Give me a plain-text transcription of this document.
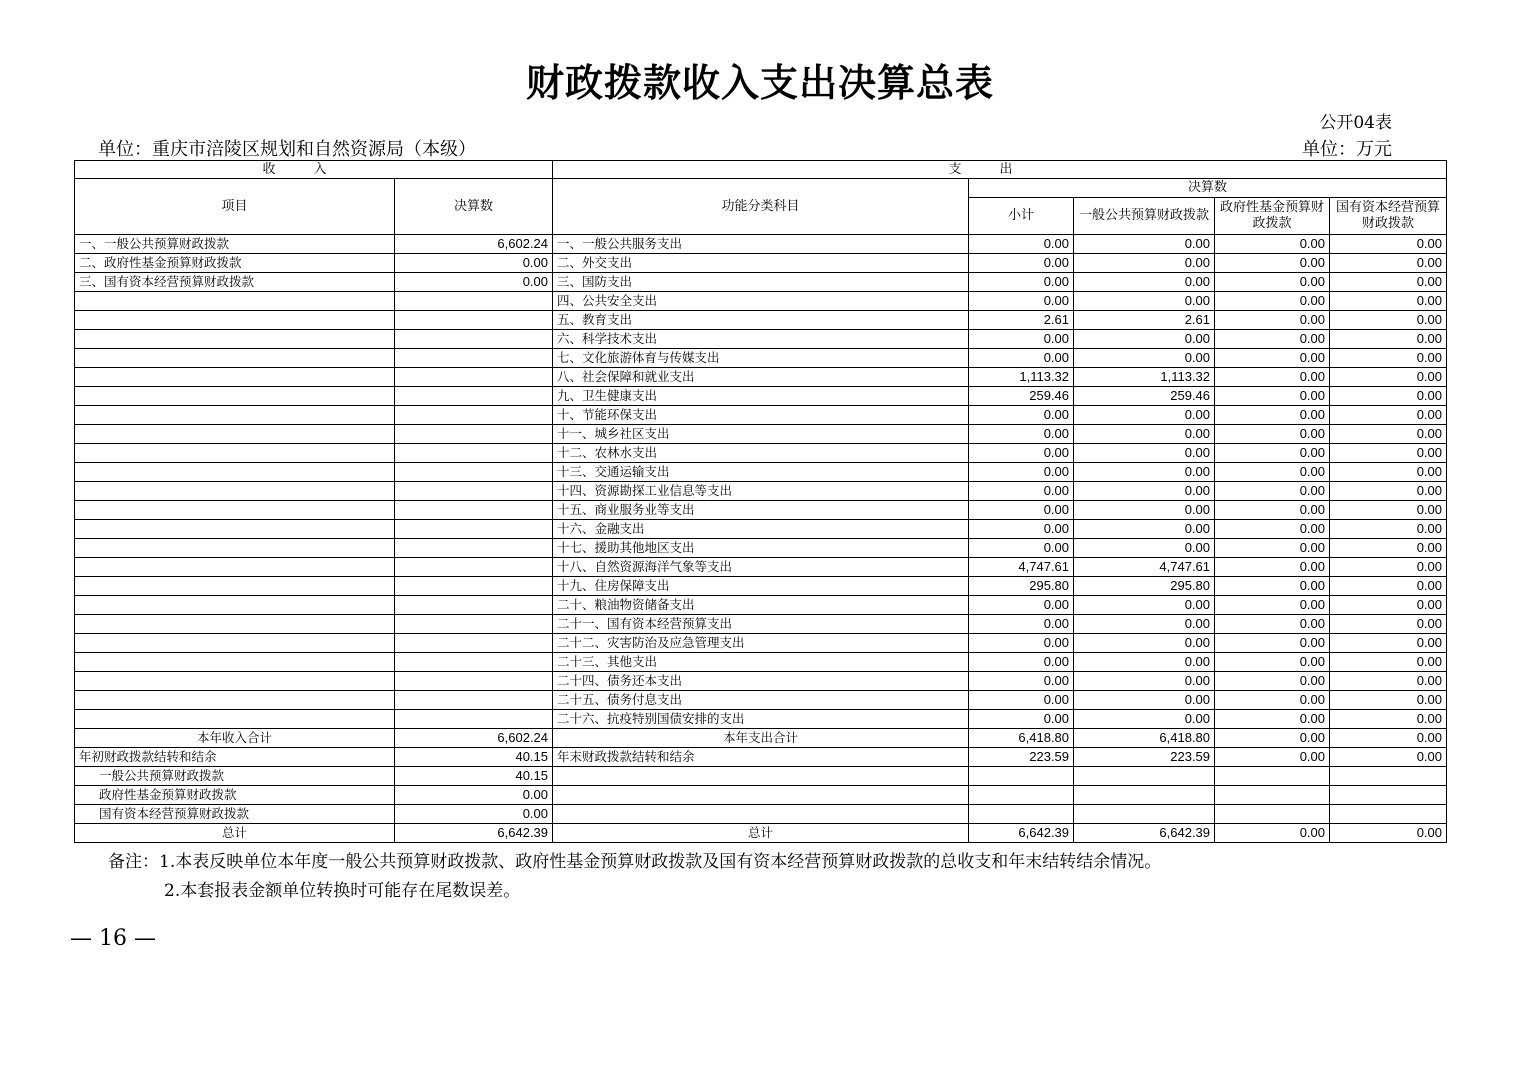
财政拨款收入支出决算总表
公开04表
单位：重庆市涪陵区规划和自然资源局（本级）	单位：万元
收入		支出				
项目	决算数	功能分类科目	决算数			
			小计	一般公共预算财政拨款	政府性基金预算财政拨款	国有资本经营预算财政拨款
一、一般公共预算财政拨款	6,602.24	一、一般公共服务支出	0.00	0.00	0.00	0.00
二、政府性基金预算财政拨款	0.00	二、外交支出	0.00	0.00	0.00	0.00
三、国有资本经营预算财政拨款	0.00	三、国防支出	0.00	0.00	0.00	0.00
		四、公共安全支出	0.00	0.00	0.00	0.00
		五、教育支出	2.61	2.61	0.00	0.00
		六、科学技术支出	0.00	0.00	0.00	0.00
		七、文化旅游体育与传媒支出	0.00	0.00	0.00	0.00
		八、社会保障和就业支出	1,113.32	1,113.32	0.00	0.00
		九、卫生健康支出	259.46	259.46	0.00	0.00
		十、节能环保支出	0.00	0.00	0.00	0.00
		十一、城乡社区支出	0.00	0.00	0.00	0.00
		十二、农林水支出	0.00	0.00	0.00	0.00
		十三、交通运输支出	0.00	0.00	0.00	0.00
		十四、资源勘探工业信息等支出	0.00	0.00	0.00	0.00
		十五、商业服务业等支出	0.00	0.00	0.00	0.00
		十六、金融支出	0.00	0.00	0.00	0.00
		十七、援助其他地区支出	0.00	0.00	0.00	0.00
		十八、自然资源海洋气象等支出	4,747.61	4,747.61	0.00	0.00
		十九、住房保障支出	295.80	295.80	0.00	0.00
		二十、粮油物资储备支出	0.00	0.00	0.00	0.00
		二十一、国有资本经营预算支出	0.00	0.00	0.00	0.00
		二十二、灾害防治及应急管理支出	0.00	0.00	0.00	0.00
		二十三、其他支出	0.00	0.00	0.00	0.00
		二十四、债务还本支出	0.00	0.00	0.00	0.00
		二十五、债务付息支出	0.00	0.00	0.00	0.00
		二十六、抗疫特别国债安排的支出	0.00	0.00	0.00	0.00
本年收入合计	6,602.24	本年支出合计	6,418.80	6,418.80	0.00	0.00
年初财政拨款结转和结余	40.15	年末财政拨款结转和结余	223.59	223.59	0.00	0.00
一般公共预算财政拨款	40.15					
政府性基金预算财政拨款	0.00					
国有资本经营预算财政拨款	0.00					
总计	6,642.39	总计	6,642.39	6,642.39	0.00	0.00
备注：1.本表反映单位本年度一般公共预算财政拨款、政府性基金预算财政拨款及国有资本经营预算财政拨款的总收支和年末结转结余情况。
2.本套报表金额单位转换时可能存在尾数误差。
— 16 —
